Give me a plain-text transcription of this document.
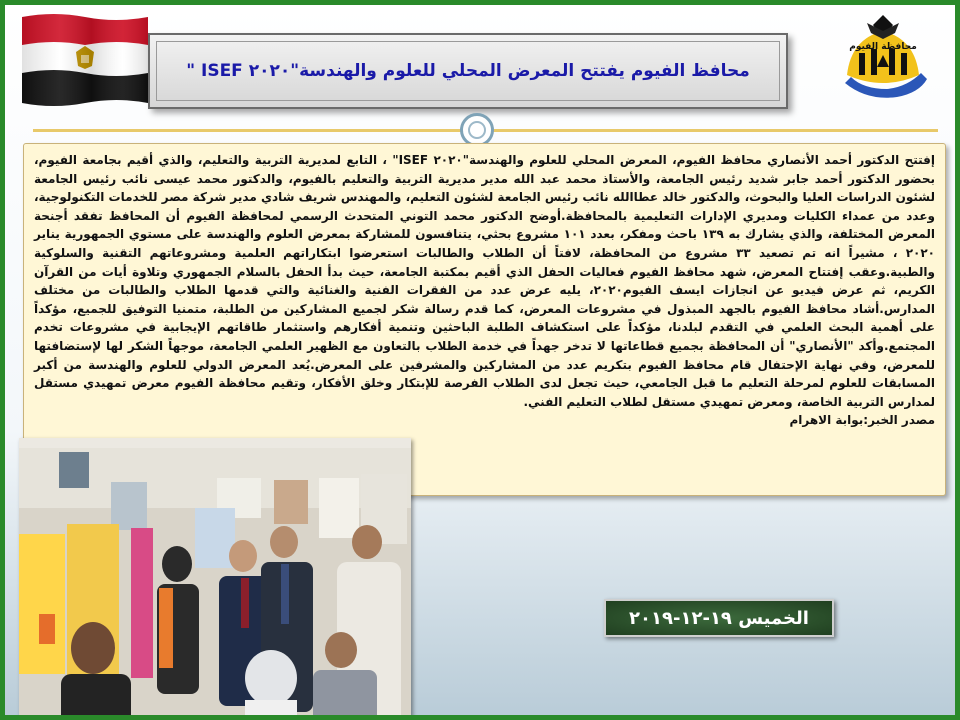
محافظ الفيوم يفتتح المعرض المحلي للعلوم والهندسة"٢٠٢٠ ISEF "
محافظة الفيوم

إفتتح الدكتور أحمد الأنصاري محافظ الفيوم، المعرض المحلي للعلوم والهندسة"٢٠٢٠ ISEF" ، التابع لمديرية التربية والتعليم، والذي أقيم بجامعة الفيوم، بحضور الدكتور أحمد جابر شديد رئيس الجامعة، والأستاذ محمد عبد الله مدير مديرية التربية والتعليم بالفيوم، والدكتور محمد عيسى نائب رئيس الجامعة لشئون الدراسات العليا والبحوث، والدكتور خالد عطاالله نائب رئيس الجامعة لشئون التعليم، والمهندس شريف شادي مدير شركة مصر للخدمات التكنولوجية، وعدد من عمداء الكليات ومديري الإدارات التعليمية بالمحافظة.أوضح الدكتور محمد التوني المتحدث الرسمي لمحافظة الفيوم أن المحافظ تفقد أجنحة المعرض المختلفة، والذي يشارك به ١٣٩ باحث ومفكر، بعدد ١٠١ مشروع بحثي، يتنافسون للمشاركة بمعرض العلوم والهندسة على مستوي الجمهورية يناير ٢٠٢٠ ، مشيراً انه تم تصعيد ٣٣ مشروع من المحافظة، لافتاً أن الطلاب والطالبات استعرضوا ابتكاراتهم العلمية ومشروعاتهم التقنية والسلوكية والطبية.وعقب إفتتاح المعرض، شهد محافظ الفيوم فعاليات الحفل الذي أقيم بمكتبة الجامعة، حيث بدأ الحفل بالسلام الجمهوري وتلاوة أيات من القرآن الكريم، ثم عرض فيديو عن انجازات ايسف الفيوم٢٠٢٠، يليه عرض عدد من الفقرات الفنية والغنائية والتي قدمها الطلاب والطالبات من مختلف المدارس.أشاد محافظ الفيوم بالجهد المبذول في مشروعات المعرض، كما قدم رسالة شكر لجميع المشاركين من الطلبة، متمنيا التوفيق للجميع، مؤكداً على أهمية البحث العلمي في التقدم لبلدنا، مؤكداً على استكشاف الطلبة الباحثين وتنمية أفكارهم واستثمار طاقاتهم الإيجابية في مشروعات تخدم المجتمع.وأكد "الأنصاري" أن المحافظة بجميع قطاعاتها لا تدخر جهداً في خدمة الطلاب بالتعاون مع الظهير العلمي الجامعة، موجهاً الشكر لها لإستضافتها للمعرض، وفي نهاية الإحتفال قام محافظ الفيوم بتكريم عدد من المشاركين والمشرفين على المعرض.يُعد المعرض الدولي للعلوم والهندسة من أكبر المسابقات للعلوم لمرحلة التعليم ما قبل الجامعي، حيث تجعل لدى الطلاب الفرصة للإبتكار وخلق الأفكار، وتقيم محافظة الفيوم معرض تمهيدي مستقل لمدارس التربية الخاصة، ومعرض تمهيدي مستقل لطلاب التعليم الفني.

مصدر الخبر:بوابة الاهرام

الخميس ١٩-١٢-٢٠١٩
